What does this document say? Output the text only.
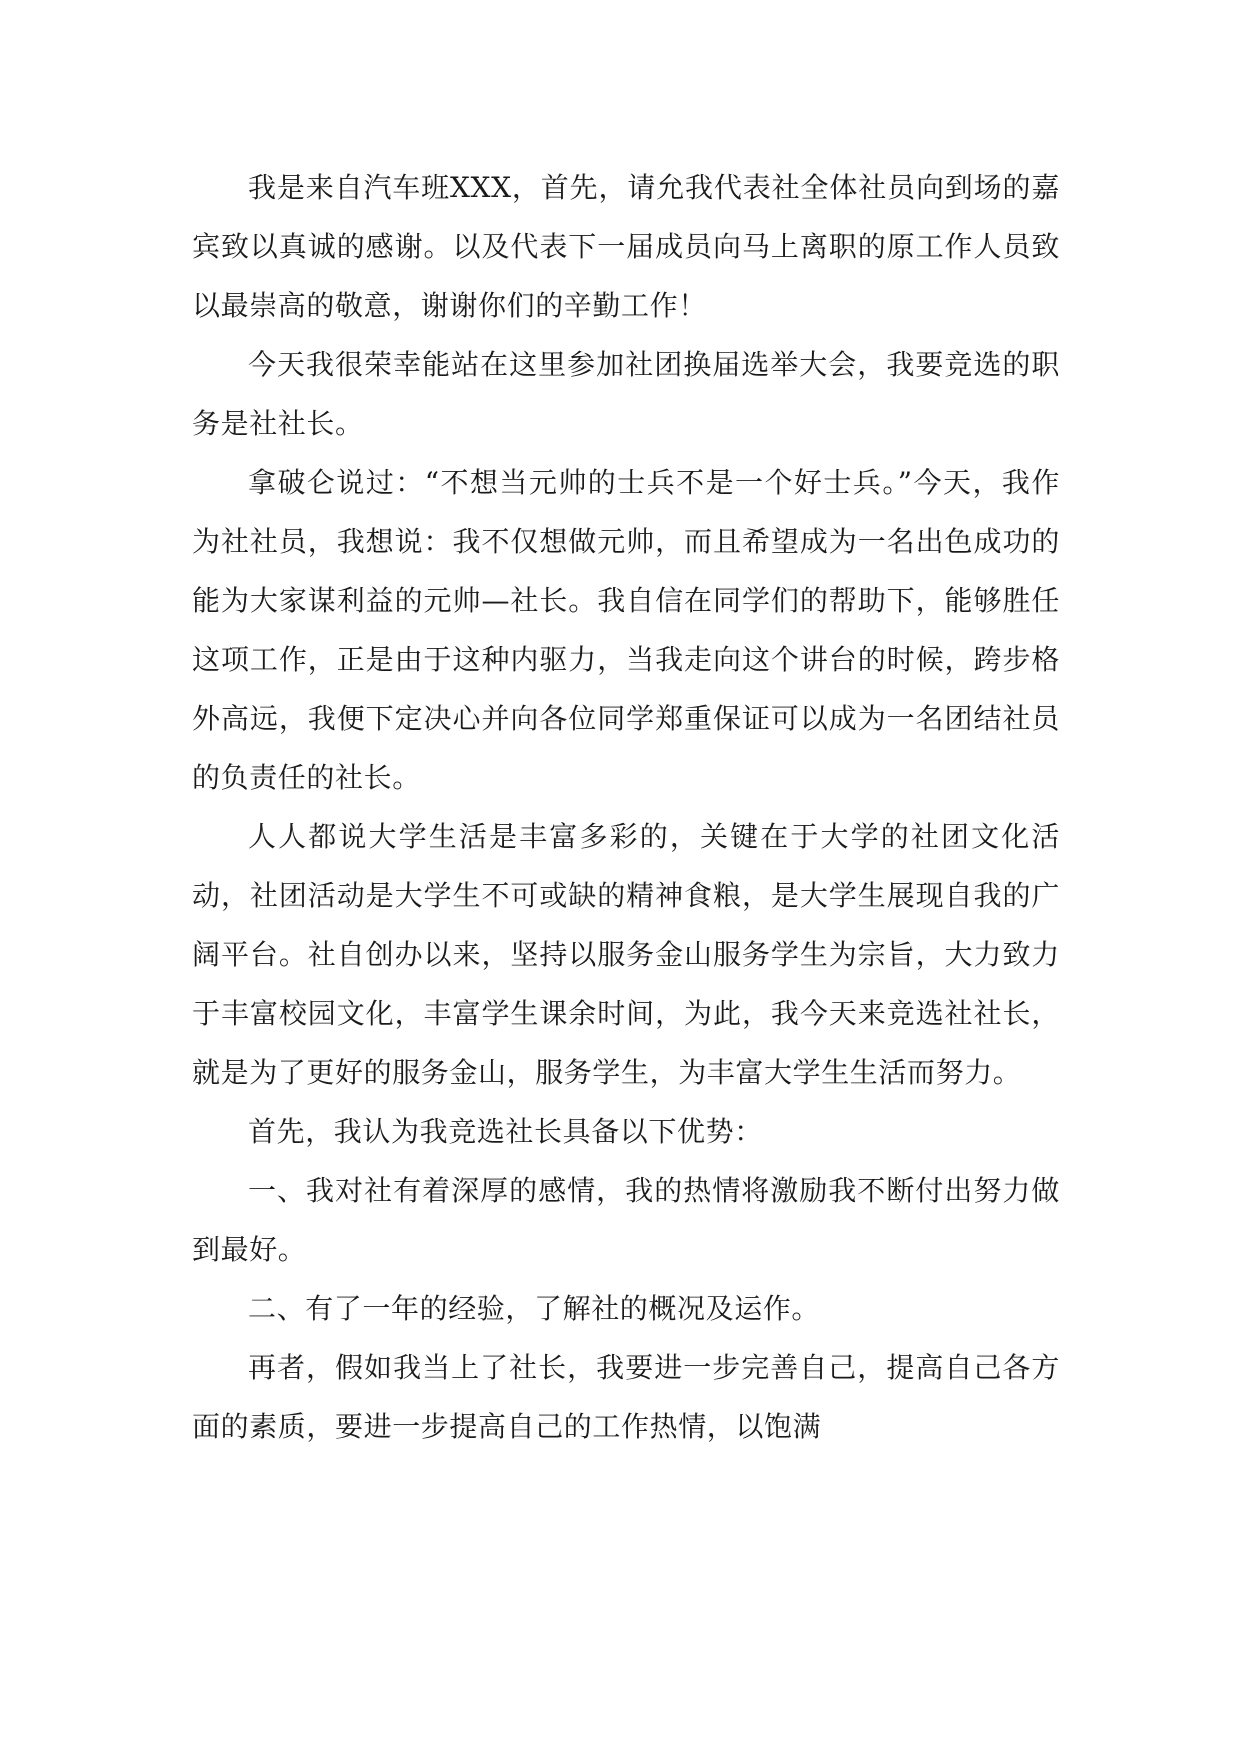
我是来自汽车班XXX，首先，请允我代表社全体社员向到场的嘉宾致以真诚的感谢。以及代表下一届成员向马上离职的原工作人员致以最崇高的敬意，谢谢你们的辛勤工作！

今天我很荣幸能站在这里参加社团换届选举大会，我要竞选的职务是社社长。

拿破仑说过：“不想当元帅的士兵不是一个好士兵。”今天，我作为社社员，我想说：我不仅想做元帅，而且希望成为一名出色成功的能为大家谋利益的元帅—社长。我自信在同学们的帮助下，能够胜任这项工作，正是由于这种内驱力，当我走向这个讲台的时候，跨步格外高远，我便下定决心并向各位同学郑重保证可以成为一名团结社员的负责任的社长。

人人都说大学生活是丰富多彩的，关键在于大学的社团文化活动，社团活动是大学生不可或缺的精神食粮，是大学生展现自我的广阔平台。社自创办以来，坚持以服务金山服务学生为宗旨，大力致力于丰富校园文化，丰富学生课余时间，为此，我今天来竞选社社长，就是为了更好的服务金山，服务学生，为丰富大学生生活而努力。

首先，我认为我竞选社长具备以下优势：

一、我对社有着深厚的感情，我的热情将激励我不断付出努力做到最好。

二、有了一年的经验，了解社的概况及运作。

再者，假如我当上了社长，我要进一步完善自己，提高自己各方面的素质，要进一步提高自己的工作热情，以饱满
